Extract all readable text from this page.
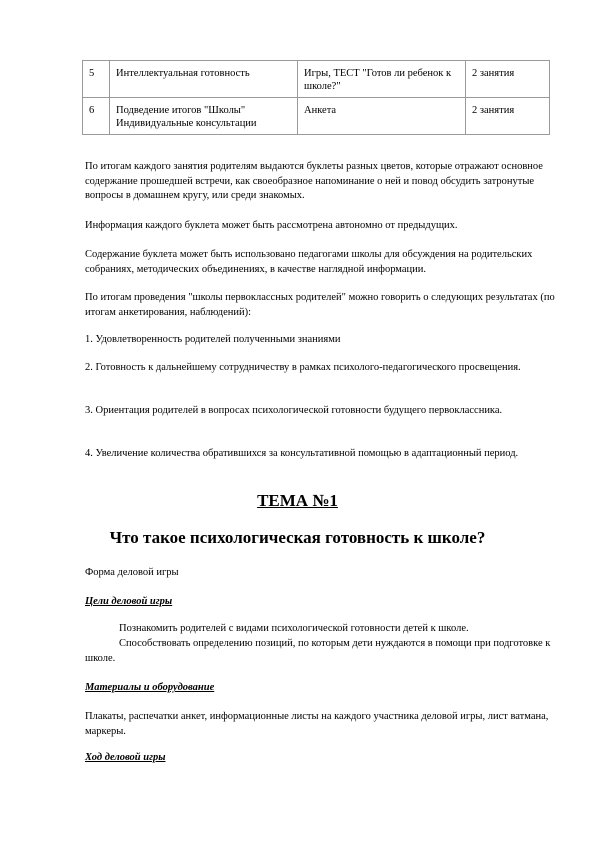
5	Интеллектуальная готовность	Игры, ТЕСТ "Готов ли ребенок к школе?"	2 занятия
6	Подведение итогов "Школы" Индивидуальные консультации	Анкета	2 занятия

По итогам каждого занятия родителям выдаются буклеты разных цветов, которые отражают основное содержание прошедшей встречи, как своеобразное напоминание о ней и повод обсудить затронутые вопросы в домашнем кругу, или среди знакомых.

Информация каждого буклета может быть рассмотрена автономно от предыдущих.

Содержание буклета может быть использовано педагогами школы для обсуждения на родительских собраниях, методических объединениях, в качестве наглядной информации.

По итогам проведения "школы первоклассных родителей" можно говорить о следующих результатах (по итогам анкетирования, наблюдений):

1. Удовлетворенность родителей полученными знаниями

2. Готовность к дальнейшему сотрудничеству в рамках психолого-педагогического просвещения.

3. Ориентация родителей в вопросах психологической готовности будущего первоклассника.

4. Увеличение количества обратившихся за консультативной помощью в адаптационный период.

ТЕМА №1
Что такое психологическая готовность к школе?

Форма деловой игры

Цели деловой игры

Познакомить родителей с видами психологической готовности детей к школе.

Способствовать определению позиций, по которым дети нуждаются в помощи при подготовке к школе.

Материалы и оборудование

Плакаты, распечатки анкет, информационные листы на каждого участника деловой игры, лист ватмана, маркеры.

Ход деловой игры
